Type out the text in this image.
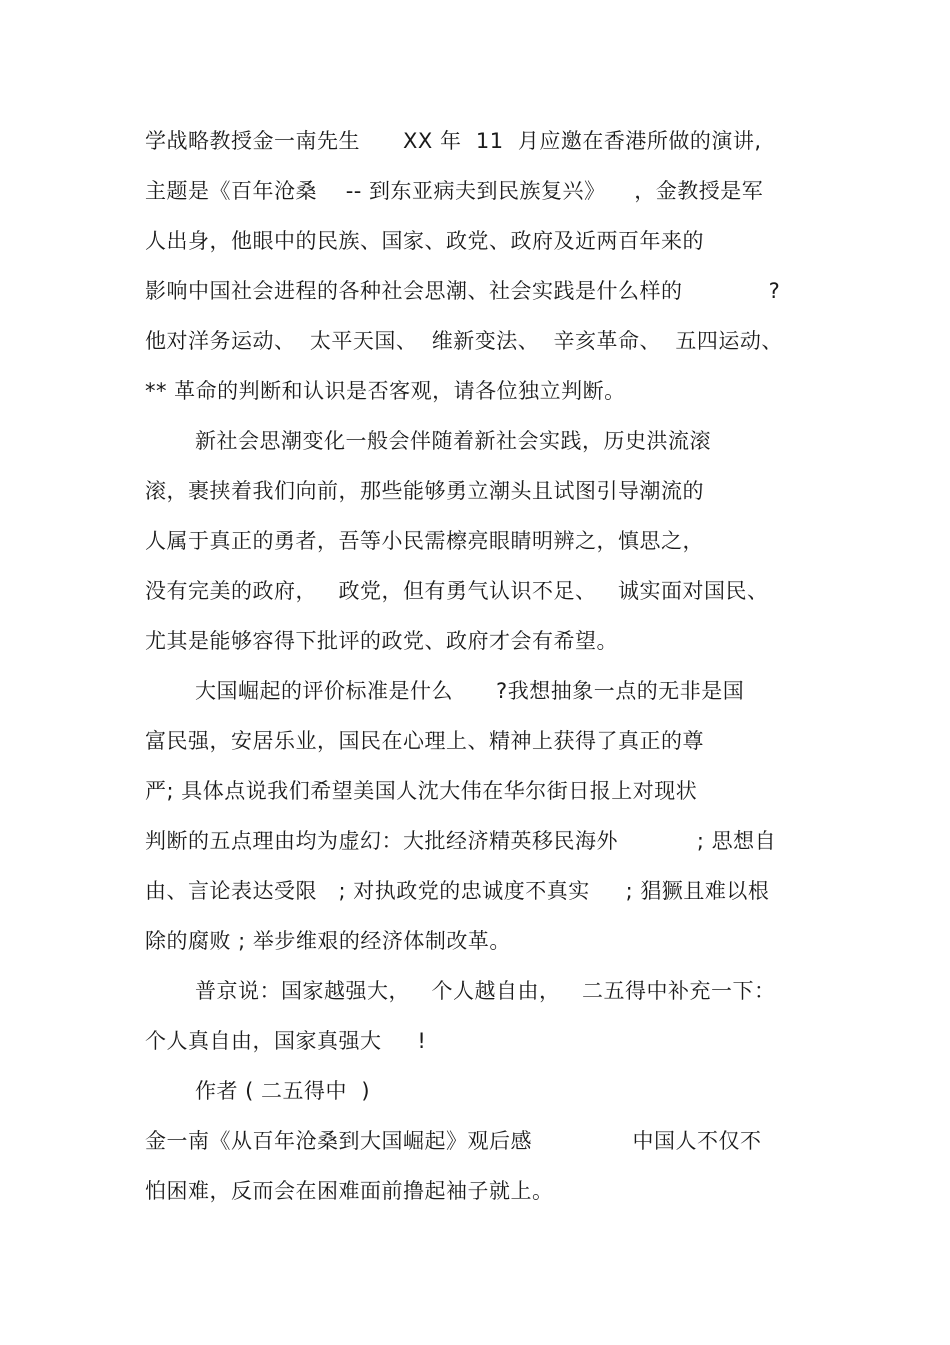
学战略教授金一南先生      XX 年  11  月应邀在香港所做的演讲,
主题是《百年沧桑    -- 到东亚病夫到民族复兴》    ，金教授是军
人出身，他眼中的民族、国家、政党、政府及近两百年来的
影响中国社会进程的各种社会思潮、社会实践是什么样的            ?
他对洋务运动、  太平天国、  维新变法、  辛亥革命、  五四运动、
** 革命的判断和认识是否客观，请各位独立判断。
新社会思潮变化一般会伴随着新社会实践，历史洪流滚
滚，裹挟着我们向前，那些能够勇立潮头且试图引导潮流的
人属于真正的勇者，吾等小民需檫亮眼睛明辨之，慎思之，
没有完美的政府，   政党，但有勇气认识不足、   诚实面对国民、
尤其是能够容得下批评的政党、政府才会有希望。
大国崛起的评价标准是什么      ?我想抽象一点的无非是国
富民强，安居乐业，国民在心理上、精神上获得了真正的尊
严; 具体点说我们希望美国人沈大伟在华尔街日报上对现状
判断的五点理由均为虚幻：大批经济精英移民海外           ; 思想自
由、言论表达受限   ; 对执政党的忠诚度不真实     ; 猖獗且难以根
除的腐败 ; 举步维艰的经济体制改革。
普京说：国家越强大，   个人越自由，   二五得中补充一下：
个人真自由，国家真强大     !
作者 ( 二五得中  )
金一南《从百年沧桑到大国崛起》观后感              中国人不仅不
怕困难，反而会在困难面前撸起袖子就上。
